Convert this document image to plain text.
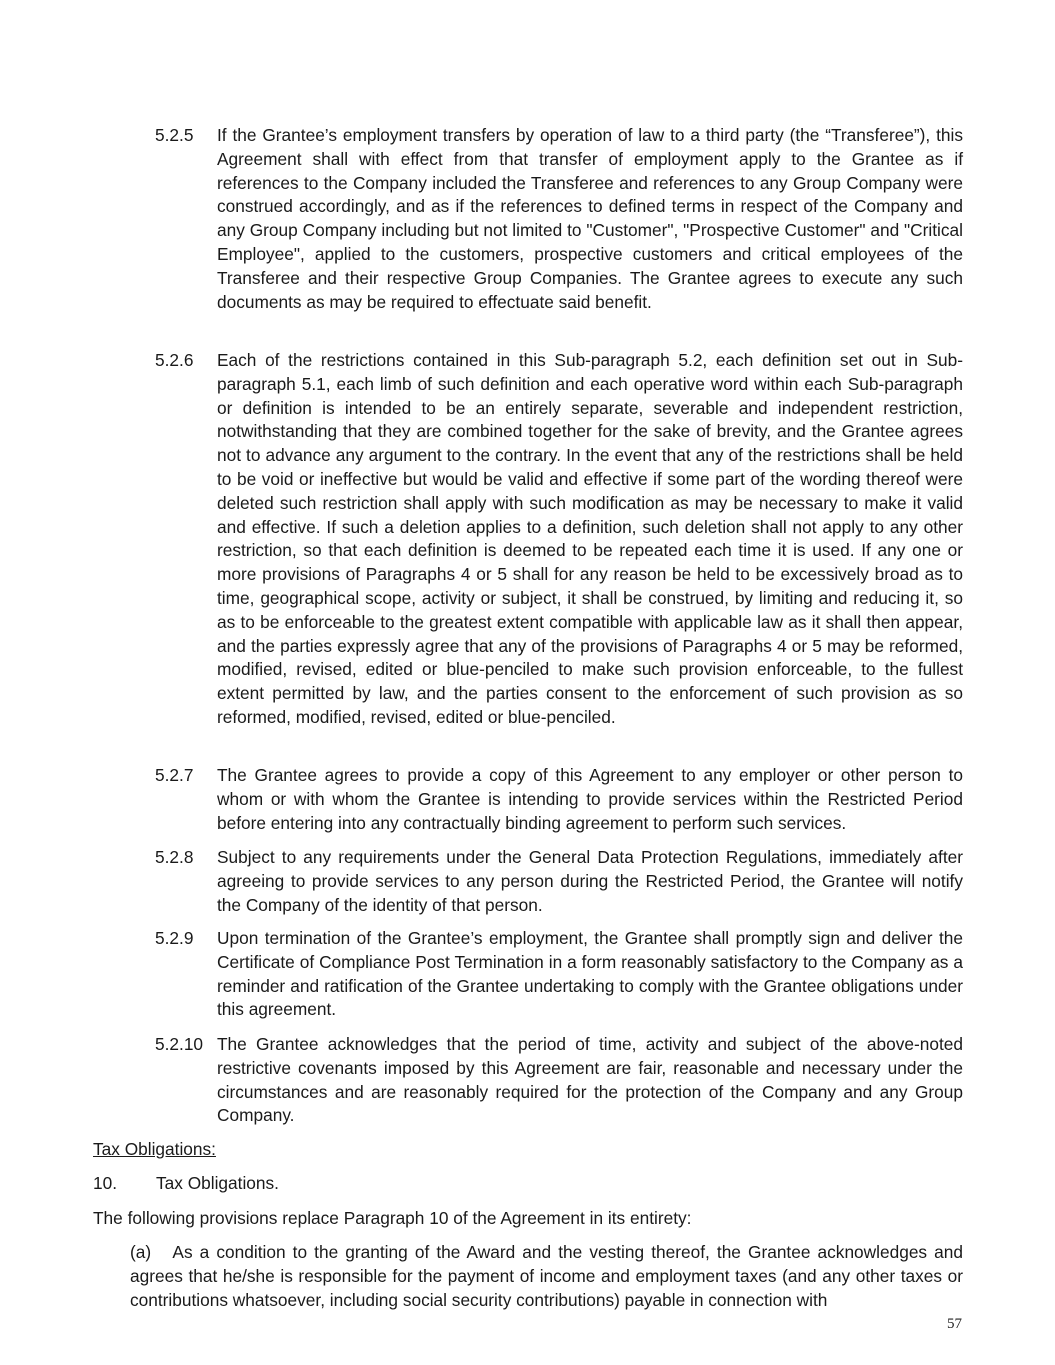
5.2.5	If the Grantee’s employment transfers by operation of law to a third party (the “Transferee”), this Agreement shall with effect from that transfer of employment apply to the Grantee as if references to the Company included the Transferee and references to any Group Company were construed accordingly, and as if the references to defined terms in respect of the Company and any Group Company including but not limited to "Customer", "Prospective Customer" and "Critical Employee", applied to the customers, prospective customers and critical employees of the Transferee and their respective Group Companies. The Grantee agrees to execute any such documents as may be required to effectuate said benefit.
5.2.6	Each of the restrictions contained in this Sub-paragraph 5.2, each definition set out in Sub-paragraph 5.1, each limb of such definition and each operative word within each Sub-paragraph or definition is intended to be an entirely separate, severable and independent restriction, notwithstanding that they are combined together for the sake of brevity, and the Grantee agrees not to advance any argument to the contrary. In the event that any of the restrictions shall be held to be void or ineffective but would be valid and effective if some part of the wording thereof were deleted such restriction shall apply with such modification as may be necessary to make it valid and effective. If such a deletion applies to a definition, such deletion shall not apply to any other restriction, so that each definition is deemed to be repeated each time it is used. If any one or more provisions of Paragraphs 4 or 5 shall for any reason be held to be excessively broad as to time, geographical scope, activity or subject, it shall be construed, by limiting and reducing it, so as to be enforceable to the greatest extent compatible with applicable law as it shall then appear, and the parties expressly agree that any of the provisions of Paragraphs 4 or 5 may be reformed, modified, revised, edited or blue-penciled to make such provision enforceable, to the fullest extent permitted by law, and the parties consent to the enforcement of such provision as so reformed, modified, revised, edited or blue-penciled.
5.2.7	The Grantee agrees to provide a copy of this Agreement to any employer or other person to whom or with whom the Grantee is intending to provide services within the Restricted Period before entering into any contractually binding agreement to perform such services.
5.2.8	Subject to any requirements under the General Data Protection Regulations, immediately after agreeing to provide services to any person during the Restricted Period, the Grantee will notify the Company of the identity of that person.
5.2.9	Upon termination of the Grantee’s employment, the Grantee shall promptly sign and deliver the Certificate of Compliance Post Termination in a form reasonably satisfactory to the Company as a reminder and ratification of the Grantee undertaking to comply with the Grantee obligations under this agreement.
5.2.10 The Grantee acknowledges that the period of time, activity and subject of the above-noted restrictive covenants imposed by this Agreement are fair, reasonable and necessary under the circumstances and are reasonably required for the protection of the Company and any Group Company.
Tax Obligations:
10. Tax Obligations.
The following provisions replace Paragraph 10 of the Agreement in its entirety:
(a) As a condition to the granting of the Award and the vesting thereof, the Grantee acknowledges and agrees that he/she is responsible for the payment of income and employment taxes (and any other taxes or contributions whatsoever, including social security contributions) payable in connection with
57
